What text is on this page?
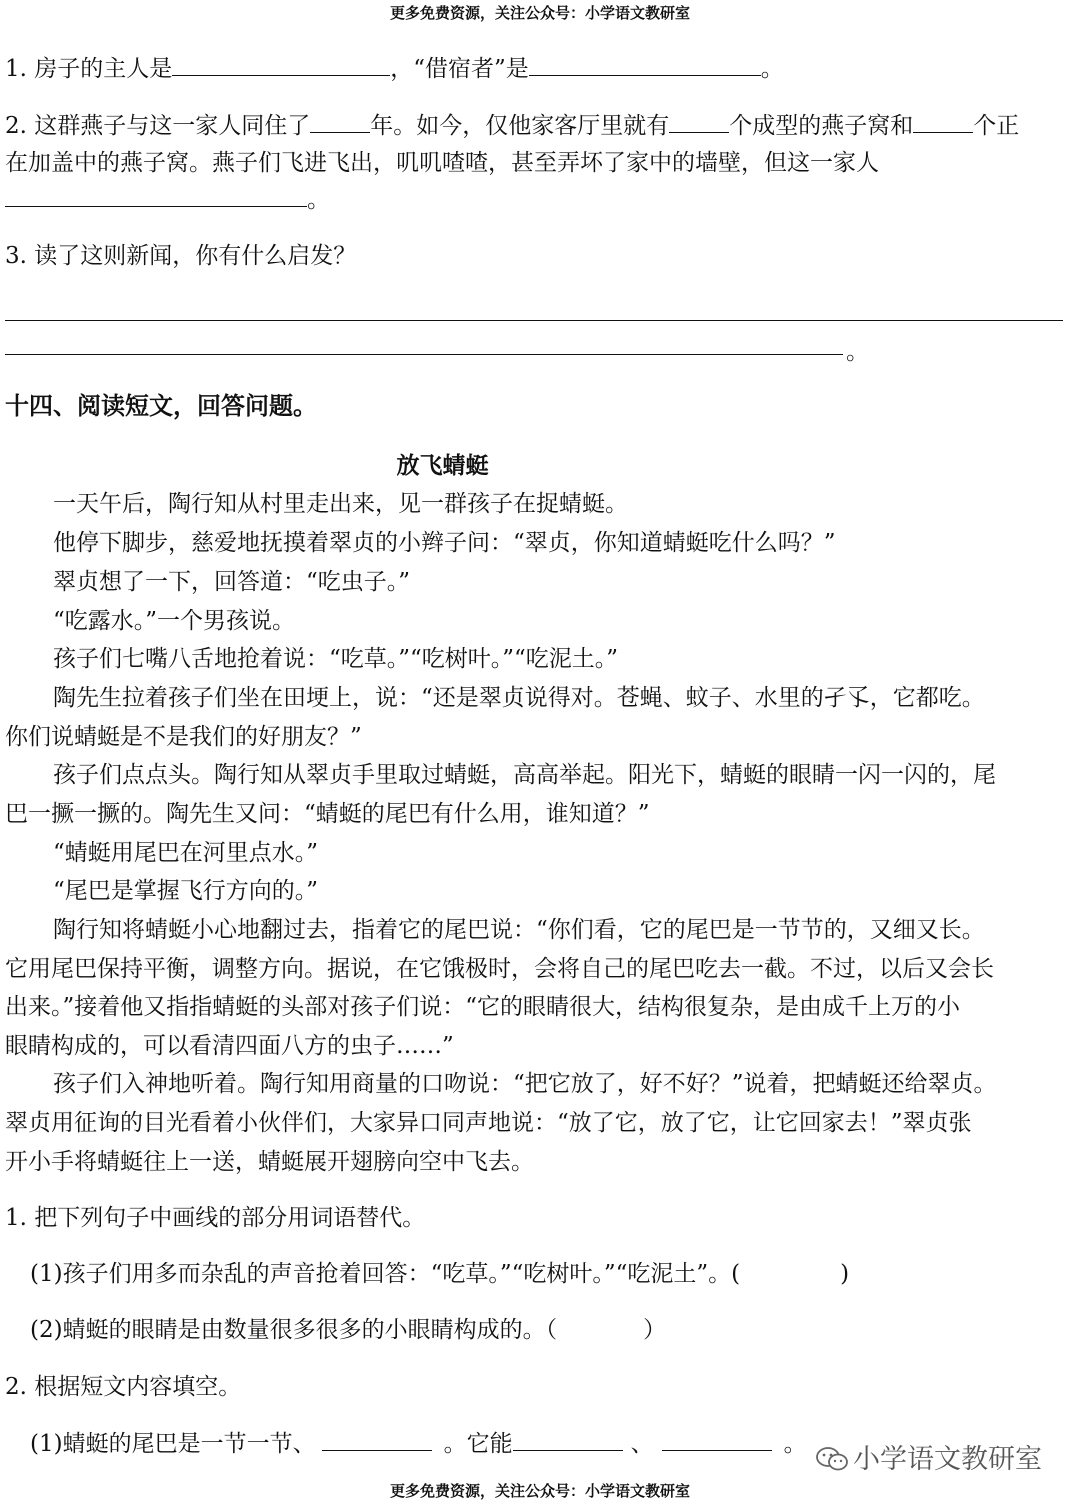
更多免费资源，关注公众号：小学语文教研室
1. 房子的主人是	，“借宿者”是	。
2. 这群燕子与这一家人同住了	年。如今，仅他家客厅里就有	个成型的燕子窝和	个正
在加盖中的燕子窝。燕子们飞进飞出，叽叽喳喳，甚至弄坏了家中的墙壁，但这一家人
。
3. 读了这则新闻，你有什么启发？
。
十四、阅读短文，回答问题。
放飞蜻蜓
一天午后，陶行知从村里走出来，见一群孩子在捉蜻蜓。
他停下脚步，慈爱地抚摸着翠贞的小辫子问：“翠贞，你知道蜻蜓吃什么吗？”
翠贞想了一下，回答道：“吃虫子。”
“吃露水。”一个男孩说。
孩子们七嘴八舌地抢着说：“吃草。”“吃树叶。”“吃泥土。”
陶先生拉着孩子们坐在田埂上，说：“还是翠贞说得对。苍蝇、蚊子、水里的孑孓，它都吃。
你们说蜻蜓是不是我们的好朋友？”
孩子们点点头。陶行知从翠贞手里取过蜻蜓，高高举起。阳光下，蜻蜓的眼睛一闪一闪的，尾
巴一撅一撅的。陶先生又问：“蜻蜓的尾巴有什么用，谁知道？”
“蜻蜓用尾巴在河里点水。”
“尾巴是掌握飞行方向的。”
陶行知将蜻蜓小心地翻过去，指着它的尾巴说：“你们看，它的尾巴是一节节的，又细又长。
它用尾巴保持平衡，调整方向。据说，在它饿极时，会将自己的尾巴吃去一截。不过，以后又会长
出来。”接着他又指指蜻蜓的头部对孩子们说：“它的眼睛很大，结构很复杂，是由成千上万的小
眼睛构成的，可以看清四面八方的虫子……”
孩子们入神地听着。陶行知用商量的口吻说：“把它放了，好不好？”说着，把蜻蜓还给翠贞。
翠贞用征询的目光看着小伙伴们，大家异口同声地说：“放了它，放了它，让它回家去！”翠贞张
开小手将蜻蜓往上一送，蜻蜓展开翅膀向空中飞去。
1. 把下列句子中画线的部分用词语替代。
(1)孩子们用多而杂乱的声音抢着回答：“吃草。”“吃树叶。”“吃泥土”。(	)
(2)蜻蜓的眼睛是由数量很多很多的小眼睛构成的。（	）
2. 根据短文内容填空。
(1)蜻蜓的尾巴是一节一节、	。它能	、	。	小学语文教研室
更多免费资源，关注公众号：小学语文教研室
